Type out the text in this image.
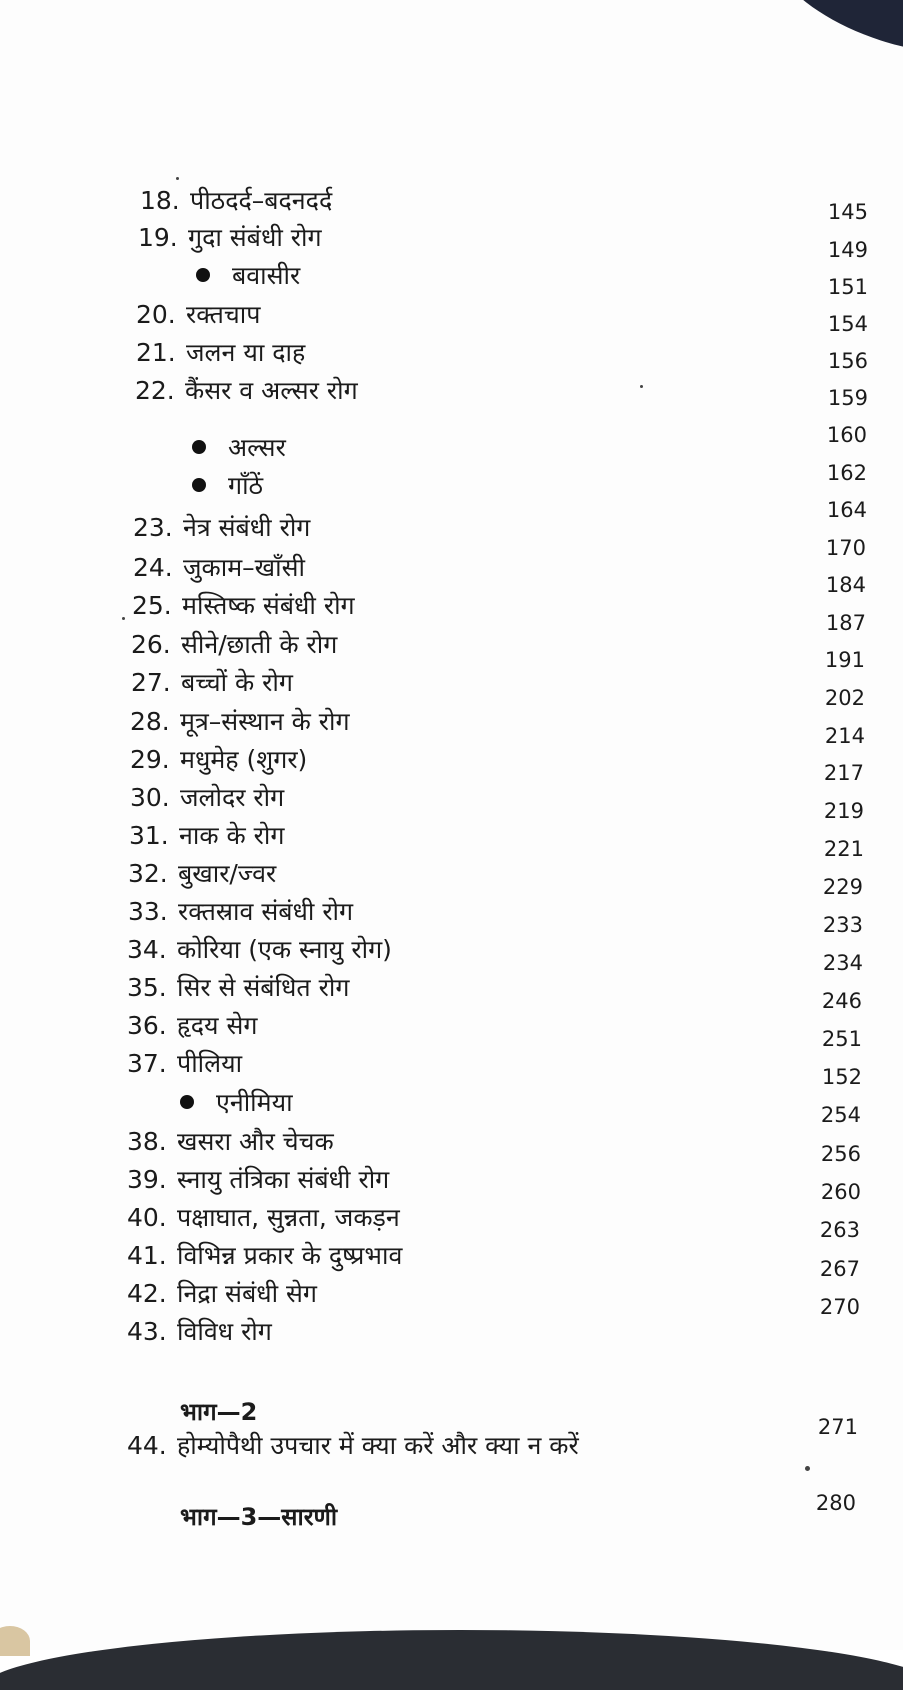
18. पीठदर्द–बदनदर्द
19. गुदा संबंधी रोग
बवासीर
20. रक्तचाप
21. जलन या दाह
22. कैंसर व अल्सर रोग
अल्सर
गाँठें
23. नेत्र संबंधी रोग
24. जुकाम–खाँसी
25. मस्तिष्क संबंधी रोग
26. सीने/छाती के रोग
27. बच्चों के रोग
28. मूत्र–संस्थान के रोग
29. मधुमेह (शुगर)
30. जलोदर रोग
31. नाक के रोग
32. बुखार/ज्वर
33. रक्तस्राव संबंधी रोग
34. कोरिया (एक स्नायु रोग)
35. सिर से संबंधित रोग
36. हृदय सेग
37. पीलिया
एनीमिया
38. खसरा और चेचक
39. स्नायु तंत्रिका संबंधी रोग
40. पक्षाघात, सुन्नता, जकड़न
41. विभिन्न प्रकार के दुष्प्रभाव
42. निद्रा संबंधी सेग
43. विविध रोग
भाग—2
44. होम्योपैथी उपचार में क्या करें और क्या न करें
भाग—3—सारणी
145
149
151
154
156
159
160
162
164
170
184
187
191
202
214
217
219
221
229
233
234
246
251
152
254
256
260
263
267
270
271
280
